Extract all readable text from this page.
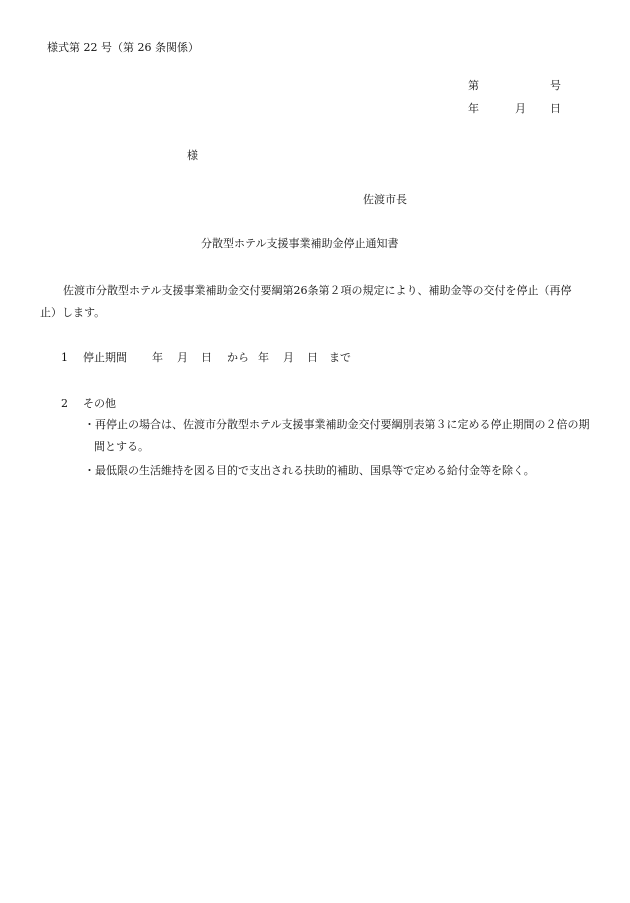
様式第 22 号（第 26 条関係）
第	号
年	月 日
様
佐渡市長
分散型ホテル支援事業補助金停止通知書
佐渡市分散型ホテル支援事業補助金交付要綱第26条第２項の規定により、補助金等の交付を停止（再停止）します。
1 停止期間 年 月 日 から 年 月 日 まで
2 その他
・再停止の場合は、佐渡市分散型ホテル支援事業補助金交付要綱別表第３に定める停止期間の２倍の期間とする。
・最低限の生活維持を図る目的で支出される扶助的補助、国県等で定める給付金等を除く。
